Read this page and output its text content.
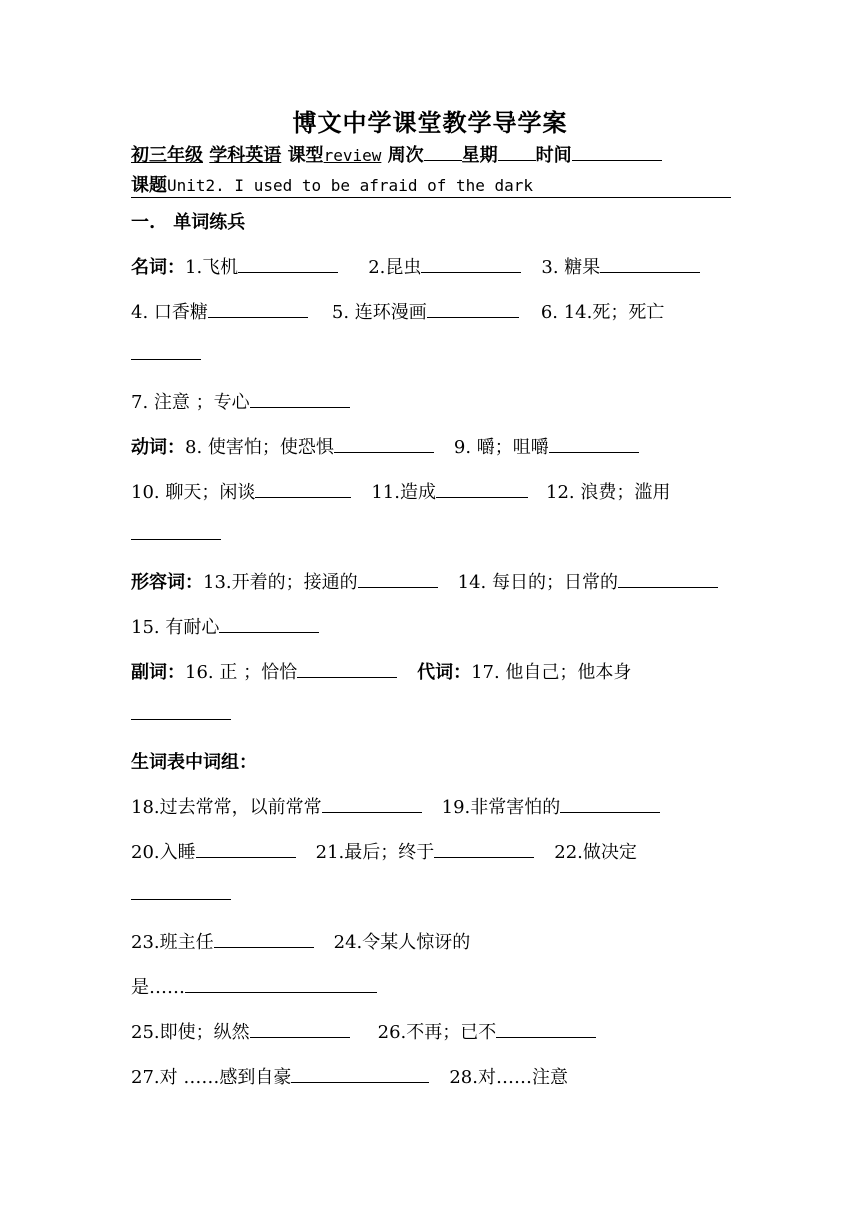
博文中学课堂教学导学案
初三年级 学科英语 课型review 周次 星期 时间
课题Unit2. I used to be afraid of the dark
一.　单词练兵
名词：1.飞机	2.昆虫	3. 糖果
4. 口香糖	5. 连环漫画	6. 14.死；死亡
7. 注意 ；专心
动词：8. 使害怕；使恐惧	9. 嚼；咀嚼
10. 聊天；闲谈	11.造成	12. 浪费；滥用
形容词：13.开着的；接通的	14. 每日的；日常的
15. 有耐心
副词：16. 正 ；恰恰	代词：17. 他自己；他本身
生词表中词组：
18.过去常常，以前常常	19.非常害怕的
20.入睡	21.最后；终于	22.做决定
23.班主任	24.令某人惊讶的
是……
25.即使；纵然	26.不再；已不
27.对 ……感到自豪	28.对……注意
